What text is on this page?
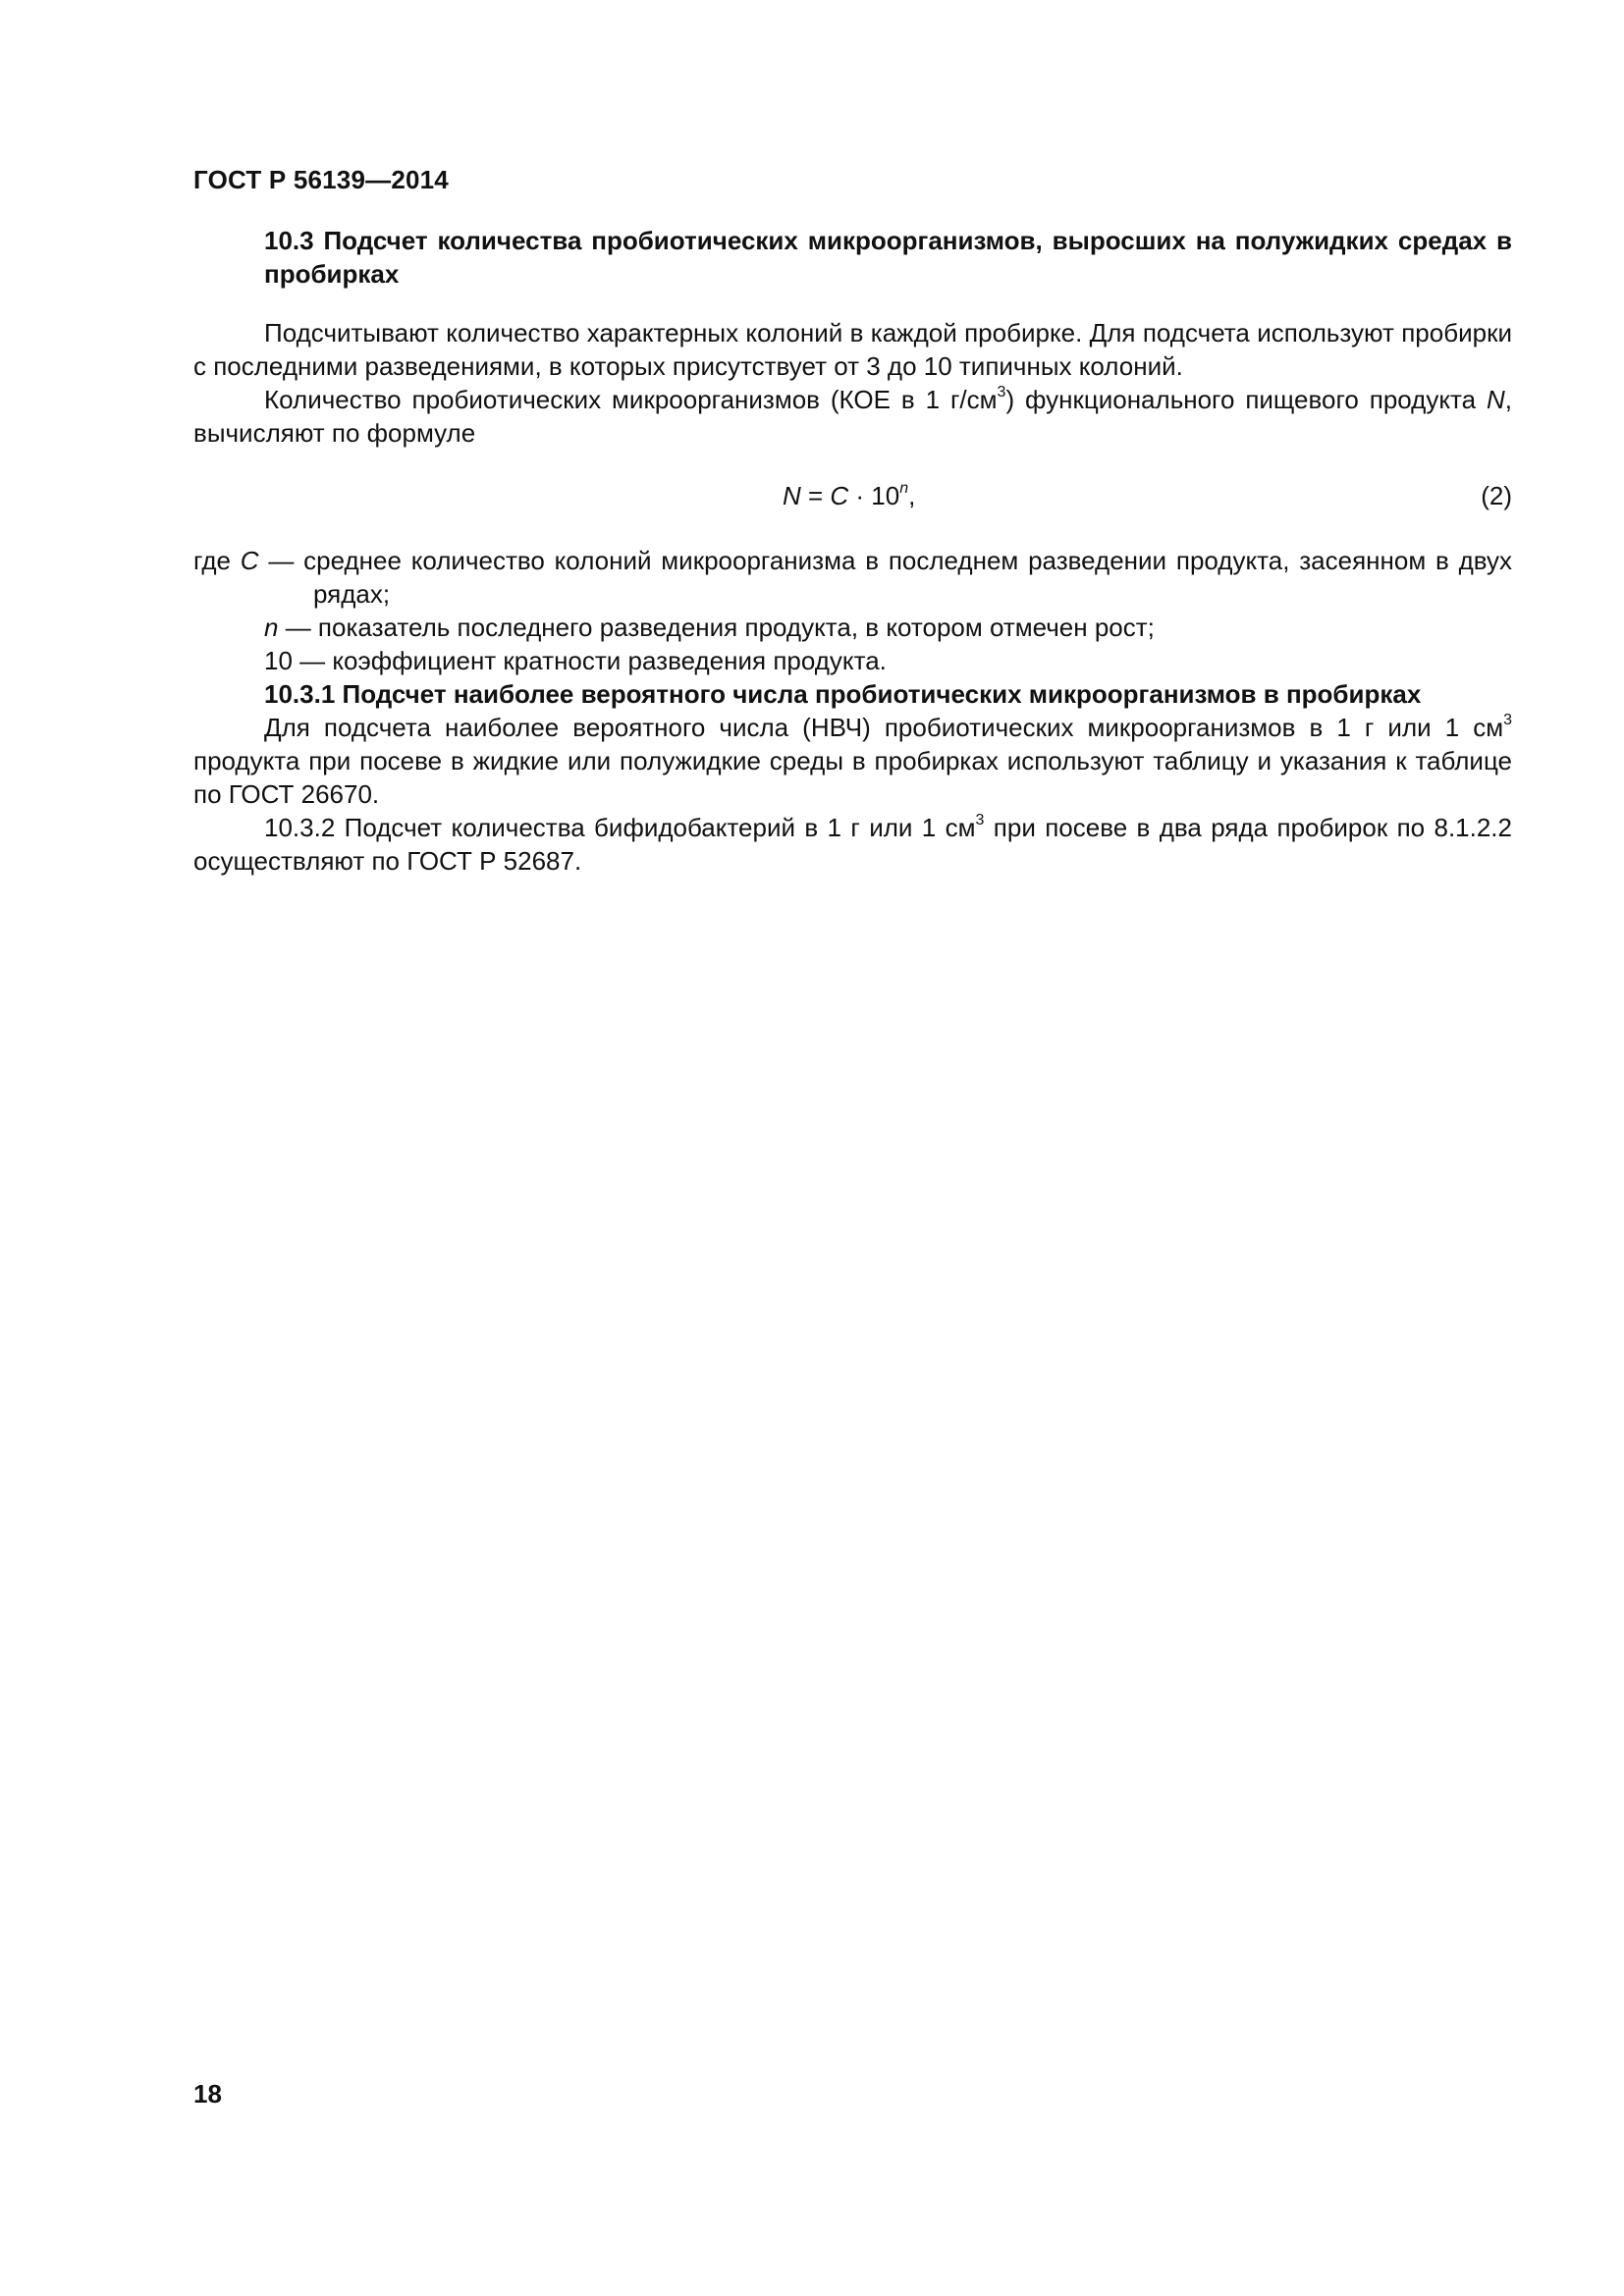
ГОСТ Р 56139—2014
10.3 Подсчет количества пробиотических микроорганизмов, выросших на полужидких средах в пробирках

Подсчитывают количество характерных колоний в каждой пробирке. Для подсчета используют пробирки с последними разведениями, в которых присутствует от 3 до 10 типичных колоний.

Количество пробиотических микроорганизмов (КОЕ в 1 $г/см^3$) функционального пищевого продукта N, вычисляют по формуле

$N = C \cdot 10^n$,	(2)

где C — среднее количество колоний микроорганизма в последнем разведении продукта, засеянном в двух рядах;

n — показатель последнего разведения продукта, в котором отмечен рост;

10 — коэффициент кратности разведения продукта.

10.3.1 Подсчет наиболее вероятного числа пробиотических микроорганизмов в пробирках

Для подсчета наиболее вероятного числа (НВЧ) пробиотических микроорганизмов в 1 г или 1 $см^3$ продукта при посеве в жидкие или полужидкие среды в пробирках используют таблицу и указания к таблице по ГОСТ 26670.

10.3.2 Подсчет количества бифидобактерий в 1 г или 1 $см^3$ при посеве в два ряда пробирок по 8.1.2.2 осуществляют по ГОСТ Р 52687.

18
